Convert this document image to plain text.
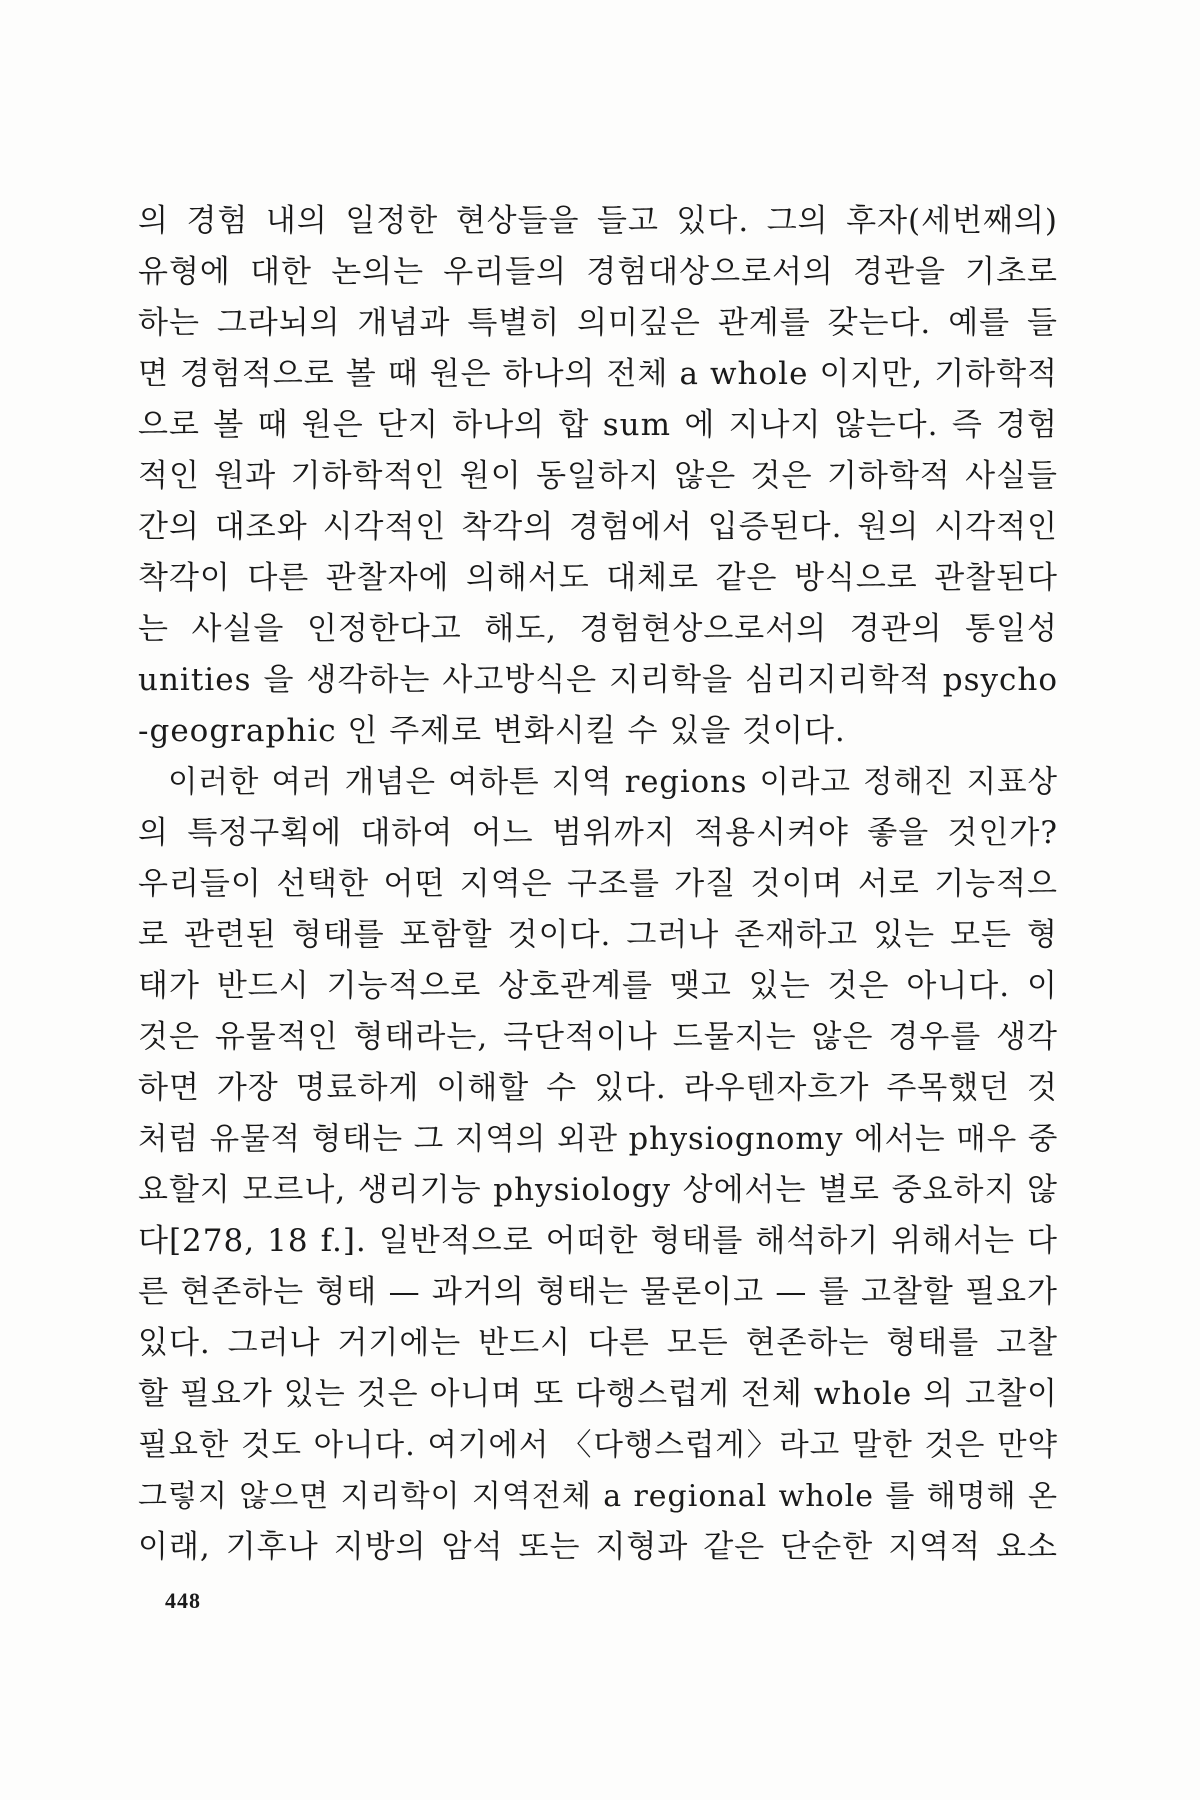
의 경험 내의 일정한 현상들을 들고 있다. 그의 후자(세번째의)
유형에 대한 논의는 우리들의 경험대상으로서의 경관을 기초로
하는 그라뇌의 개념과 특별히 의미깊은 관계를 갖는다. 예를 들
면 경험적으로 볼 때 원은 하나의 전체 a whole 이지만, 기하학적
으로 볼 때 원은 단지 하나의 합 sum 에 지나지 않는다. 즉 경험
적인 원과 기하학적인 원이 동일하지 않은 것은 기하학적 사실들
간의 대조와 시각적인 착각의 경험에서 입증된다. 원의 시각적인
착각이 다른 관찰자에 의해서도 대체로 같은 방식으로 관찰된다
는 사실을 인정한다고 해도, 경험현상으로서의 경관의 통일성
unities 을 생각하는 사고방식은 지리학을 심리지리학적 psycho
-geographic 인 주제로 변화시킬 수 있을 것이다.
이러한 여러 개념은 여하튼 지역 regions 이라고 정해진 지표상
의 특정구획에 대하여 어느 범위까지 적용시켜야 좋을 것인가?
우리들이 선택한 어떤 지역은 구조를 가질 것이며 서로 기능적으
로 관련된 형태를 포함할 것이다. 그러나 존재하고 있는 모든 형
태가 반드시 기능적으로 상호관계를 맺고 있는 것은 아니다. 이
것은 유물적인 형태라는, 극단적이나 드물지는 않은 경우를 생각
하면 가장 명료하게 이해할 수 있다. 라우텐자흐가 주목했던 것
처럼 유물적 형태는 그 지역의 외관 physiognomy 에서는 매우 중
요할지 모르나, 생리기능 physiology 상에서는 별로 중요하지 않
다[278, 18 f.]. 일반적으로 어떠한 형태를 해석하기 위해서는 다
른 현존하는 형태 — 과거의 형태는 물론이고 — 를 고찰할 필요가
있다. 그러나 거기에는 반드시 다른 모든 현존하는 형태를 고찰
할 필요가 있는 것은 아니며 또 다행스럽게 전체 whole 의 고찰이
필요한 것도 아니다. 여기에서 〈다행스럽게〉라고 말한 것은 만약
그렇지 않으면 지리학이 지역전체 a regional whole 를 해명해 온
이래, 기후나 지방의 암석 또는 지형과 같은 단순한 지역적 요소
448
